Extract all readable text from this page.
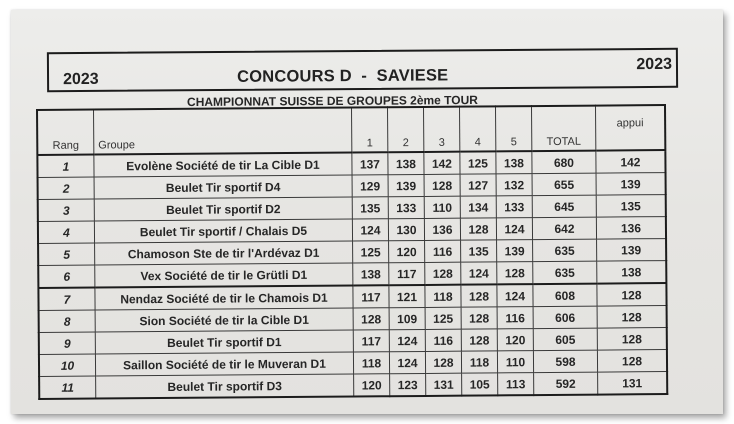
2023	CONCOURS D  -  SAVIESE
2023
CHAMPIONNAT SUISSE DE GROUPES 2ème TOUR
Rang	Groupe	1	2	3	4	5	TOTAL	appui
1	Evolène Société de tir La Cible D1	137	138	142	125	138	680	142
2	Beulet Tir sportif D4	129	139	128	127	132	655	139
3	Beulet Tir sportif D2	135	133	110	134	133	645	135
4	Beulet Tir sportif / Chalais D5	124	130	136	128	124	642	136
5	Chamoson Ste de tir l'Ardévaz D1	125	120	116	135	139	635	139
6	Vex Société de tir le Grütli D1	138	117	128	124	128	635	138
7	Nendaz Société de tir le Chamois D1	117	121	118	128	124	608	128
8	Sion Société de tir la Cible D1	128	109	125	128	116	606	128
9	Beulet Tir sportif D1	117	124	116	128	120	605	128
10	Saillon Société de tir le Muveran D1	118	124	128	118	110	598	128
11	Beulet Tir sportif D3	120	123	131	105	113	592	131
